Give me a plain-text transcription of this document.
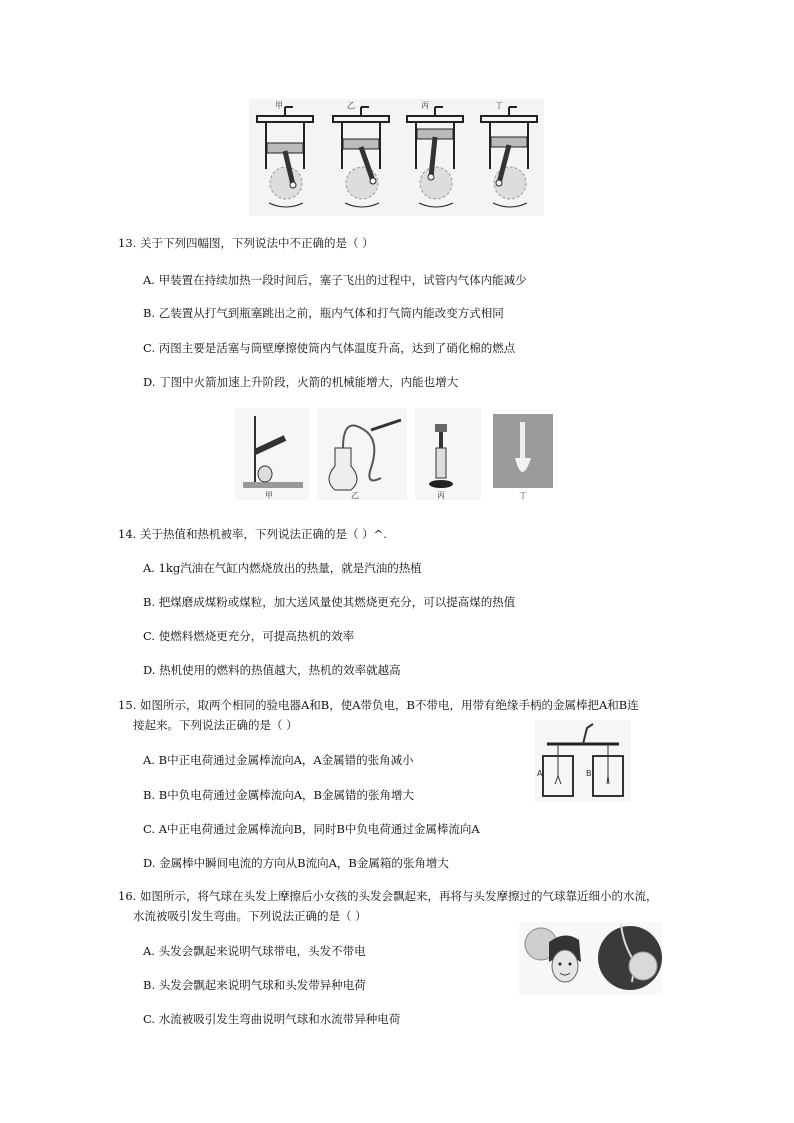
甲	乙	丙	丁
13. 关于下列四幅图，下列说法中不正确的是（ ）
A. 甲装置在持续加热一段时间后，塞子飞出的过程中，试管内气体内能减少
B. 乙装置从打气到瓶塞跳出之前，瓶内气体和打气筒内能改变方式相同
C. 丙图主要是活塞与筒壁摩擦使筒内气体温度升高，达到了硝化棉的燃点
D. 丁图中火箭加速上升阶段，火箭的机械能增大，内能也增大
甲	乙	丙	丁
14. 关于热值和热机被率，下列说法正确的是（ ）^.
A. 1kg汽油在气缸内燃烧放出的热量，就是汽油的热植
B. 把煤磨成煤粉或煤粒，加大送风量使其燃烧更充分，可以提高煤的热值
C. 使燃料燃烧更充分，可提高热机的效率
D. 热机使用的燃料的热值越大，热机的效率就越高
15. 如图所示，取两个相同的验电器A和B，使A带负电，B不带电，用带有绝缘手柄的金属棒把A和B连
接起来。下列说法正确的是（ ）
A. B中正电荷通过金属棒流向A，A金属错的张角减小
B. B中负电荷通过金厲棒流向A，B金属错的张角增大
C. A中正电荷通过金属棒流向B，同时B中负电荷通过金属棒流向A
D. 金属棒中瞬间电流的方向从B流向A，B金属箱的张角增大
A	B
16. 如图所示，将气球在头发上摩擦后小女孩的头发会飘起来，再将与头发摩擦过的气球靠近细小的水流，
水流被吸引发生弯曲。下列说法正确的是（ ）
A. 头发会飘起来说明气球带电，头发不带电
B. 头发会飘起来说明气球和头发带异种电荷
C. 水流被吸引发生弯曲说明气球和水流带异种电荷
